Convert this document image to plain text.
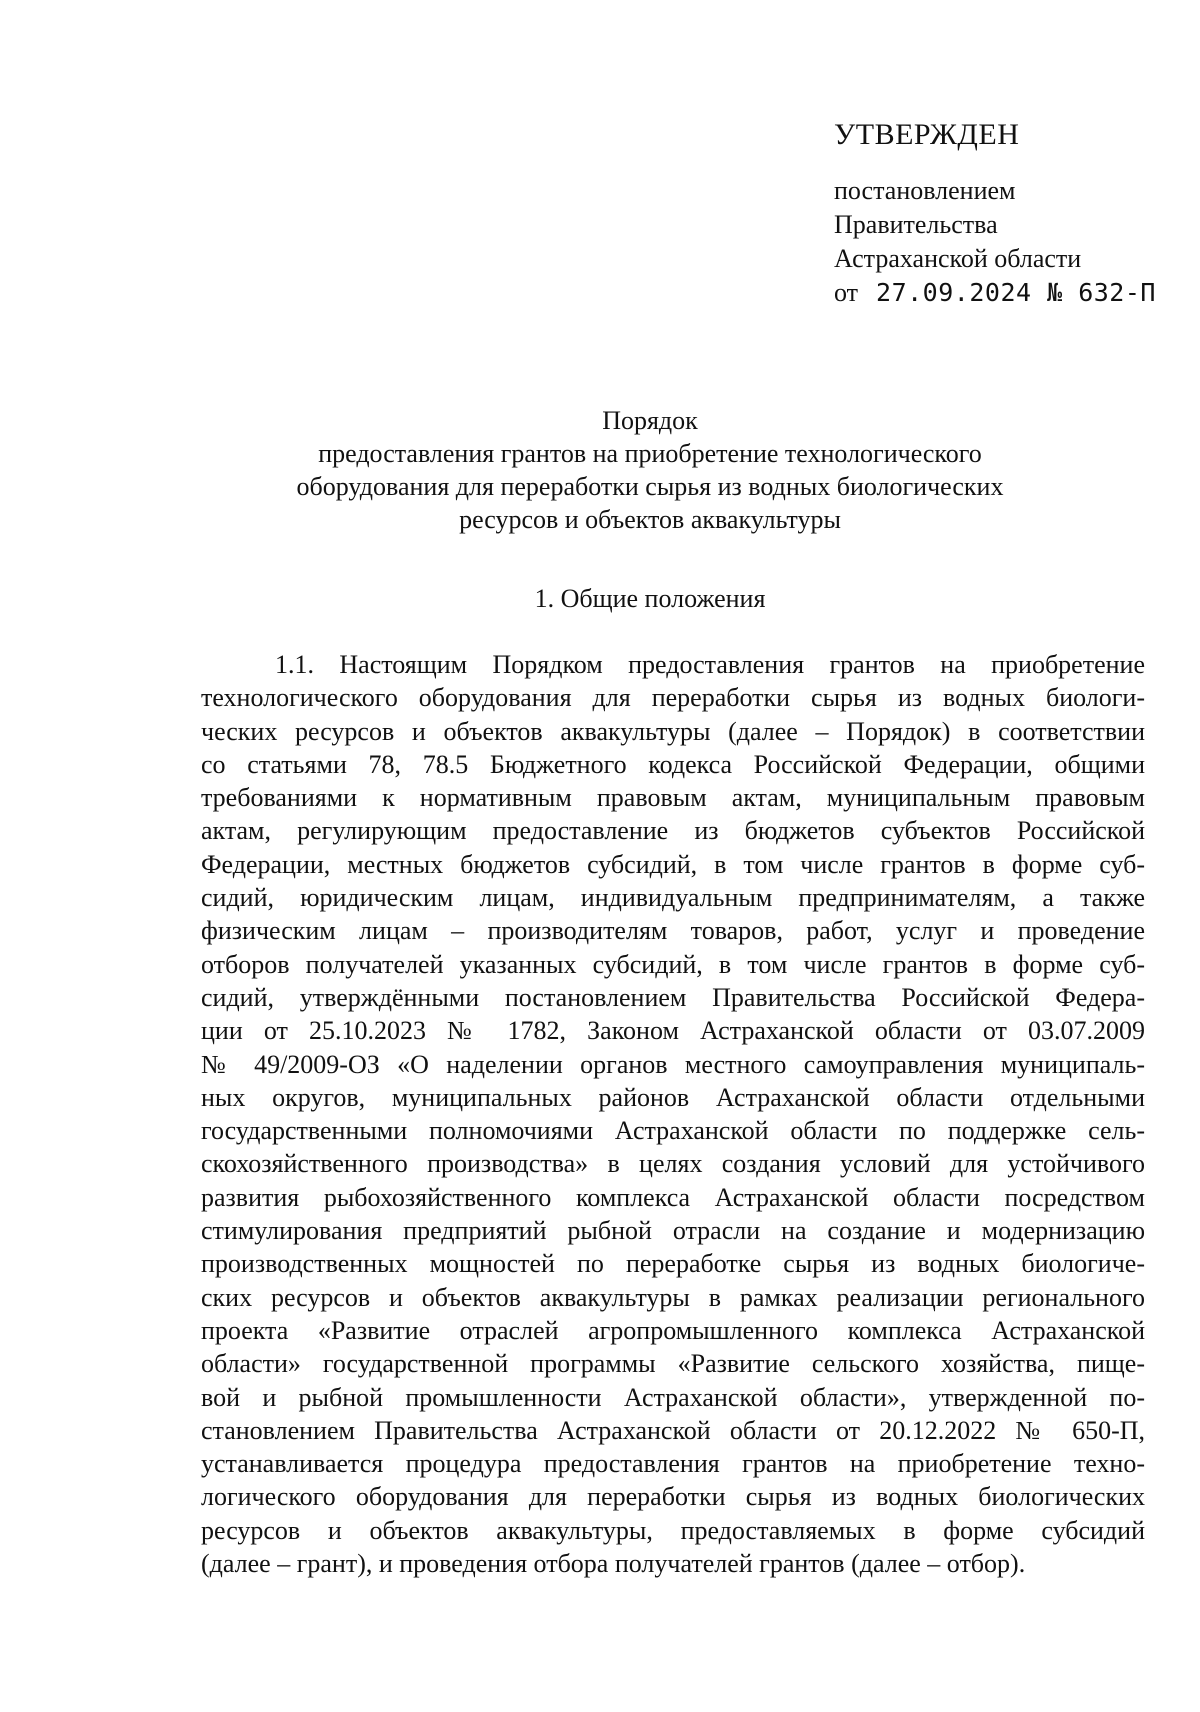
УТВЕРЖДЕН
постановлением
Правительства
Астраханской области
от 27.09.2024 № 632-П
Порядок
предоставления грантов на приобретение технологического
оборудования для переработки сырья из водных биологических
ресурсов и объектов аквакультуры
1. Общие положения
1.1. Настоящим Порядком предоставления грантов на приобретение
технологического оборудования для переработки сырья из водных биологи-
ческих ресурсов и объектов аквакультуры (далее – Порядок) в соответствии
со статьями 78, 78.5 Бюджетного кодекса Российской Федерации, общими
требованиями к нормативным правовым актам, муниципальным правовым
актам, регулирующим предоставление из бюджетов субъектов Российской
Федерации, местных бюджетов субсидий, в том числе грантов в форме суб-
сидий, юридическим лицам, индивидуальным предпринимателям, а также
физическим лицам – производителям товаров, работ, услуг и проведение
отборов получателей указанных субсидий, в том числе грантов в форме суб-
сидий, утверждёнными постановлением Правительства Российской Федера-
ции от 25.10.2023 № 1782, Законом Астраханской области от 03.07.2009
№ 49/2009-ОЗ «О наделении органов местного самоуправления муниципаль-
ных округов, муниципальных районов Астраханской области отдельными
государственными полномочиями Астраханской области по поддержке сель-
скохозяйственного производства» в целях создания условий для устойчивого
развития рыбохозяйственного комплекса Астраханской области посредством
стимулирования предприятий рыбной отрасли на создание и модернизацию
производственных мощностей по переработке сырья из водных биологиче-
ских ресурсов и объектов аквакультуры в рамках реализации регионального
проекта «Развитие отраслей агропромышленного комплекса Астраханской
области» государственной программы «Развитие сельского хозяйства, пище-
вой и рыбной промышленности Астраханской области», утвержденной по-
становлением Правительства Астраханской области от 20.12.2022 № 650-П,
устанавливается процедура предоставления грантов на приобретение техно-
логического оборудования для переработки сырья из водных биологических
ресурсов и объектов аквакультуры, предоставляемых в форме субсидий
(далее – грант), и проведения отбора получателей грантов (далее – отбор).
